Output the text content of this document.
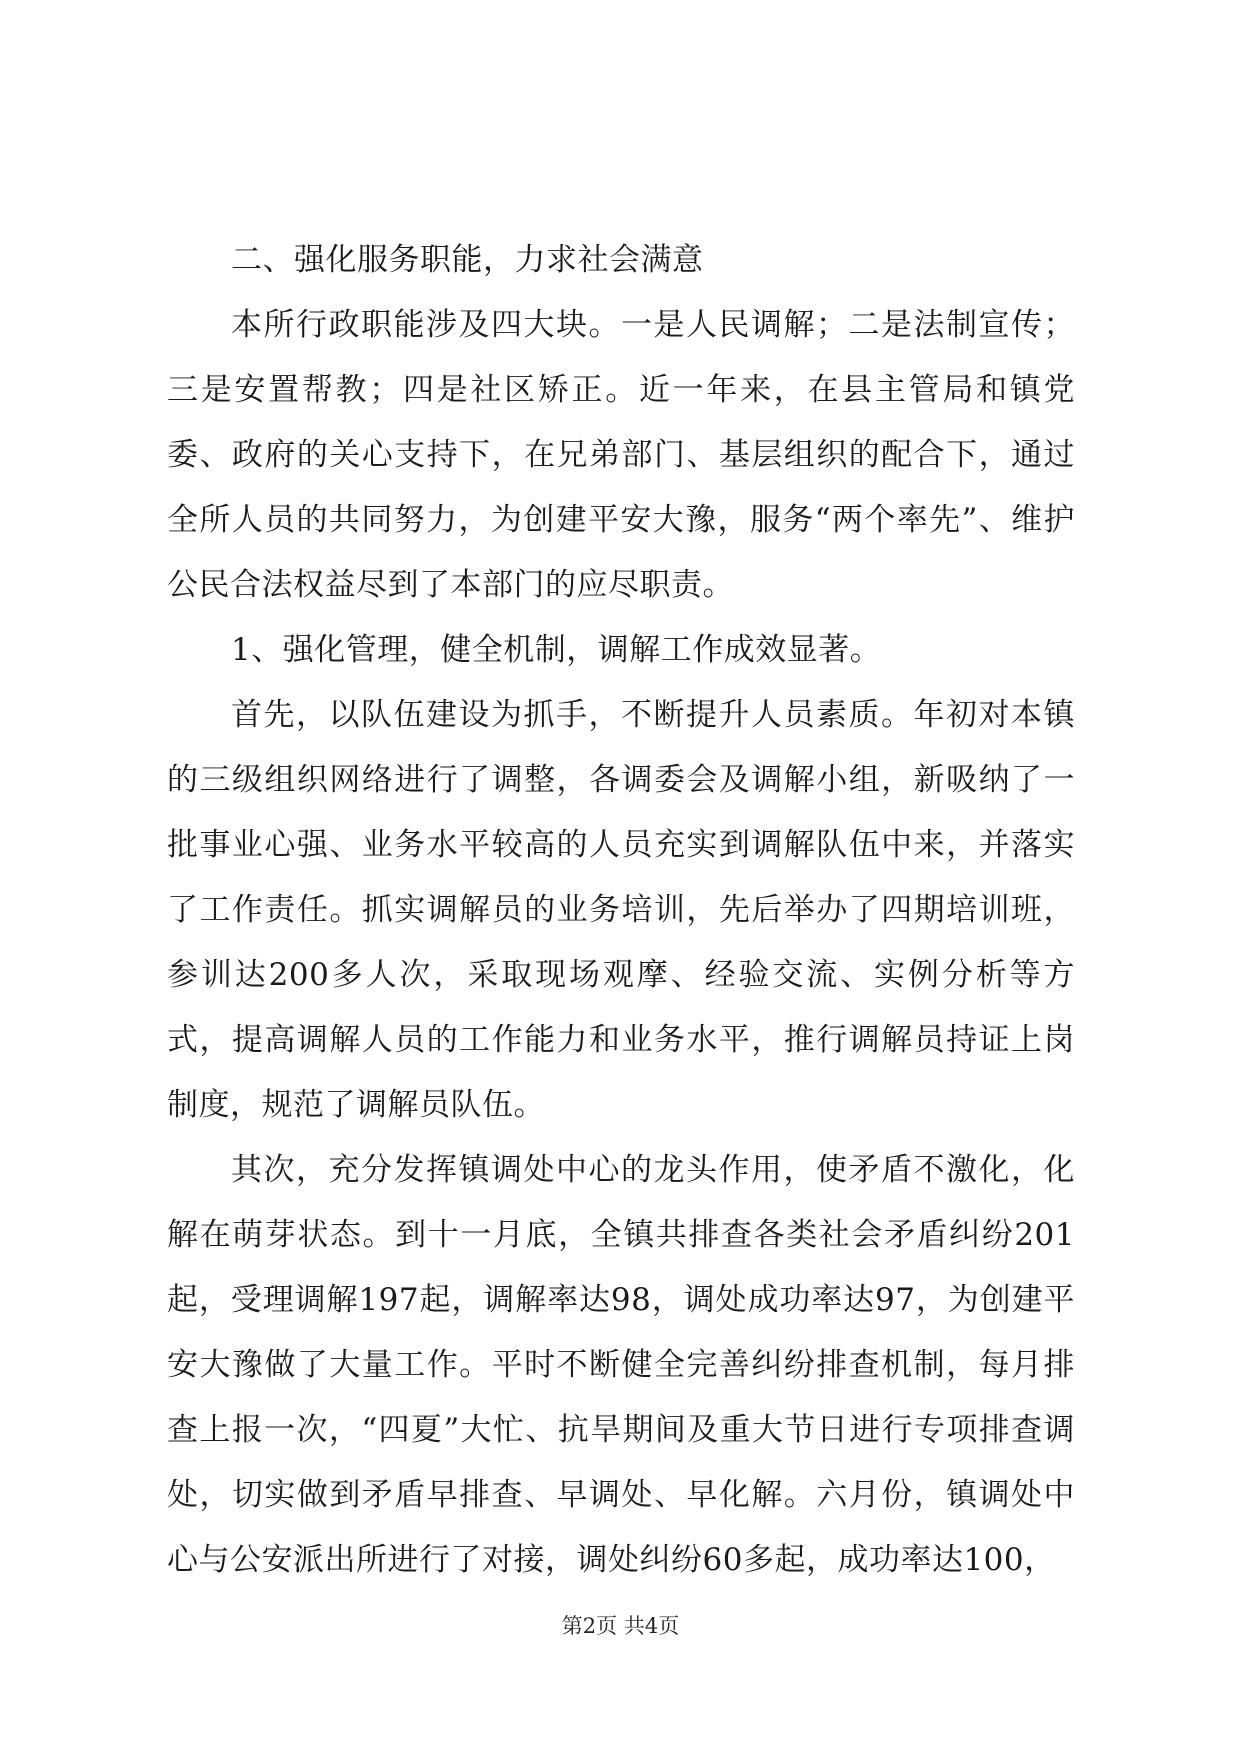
二、强化服务职能，力求社会满意

本所行政职能涉及四大块。一是人民调解；二是法制宣传；三是安置帮教；四是社区矫正。近一年来，在县主管局和镇党委、政府的关心支持下，在兄弟部门、基层组织的配合下，通过全所人员的共同努力，为创建平安大豫，服务“两个率先”、维护公民合法权益尽到了本部门的应尽职责。

1、强化管理，健全机制，调解工作成效显著。

首先，以队伍建设为抓手，不断提升人员素质。年初对本镇的三级组织网络进行了调整，各调委会及调解小组，新吸纳了一批事业心强、业务水平较高的人员充实到调解队伍中来，并落实了工作责任。抓实调解员的业务培训，先后举办了四期培训班，参训达200多人次，采取现场观摩、经验交流、实例分析等方式，提高调解人员的工作能力和业务水平，推行调解员持证上岗制度，规范了调解员队伍。

其次，充分发挥镇调处中心的龙头作用，使矛盾不激化，化解在萌芽状态。到十一月底，全镇共排查各类社会矛盾纠纷201起，受理调解197起，调解率达98，调处成功率达97，为创建平安大豫做了大量工作。平时不断健全完善纠纷排查机制，每月排查上报一次，“四夏”大忙、抗旱期间及重大节日进行专项排查调处，切实做到矛盾早排查、早调处、早化解。六月份，镇调处中心与公安派出所进行了对接，调处纠纷60多起，成功率达100，

第2页 共4页
